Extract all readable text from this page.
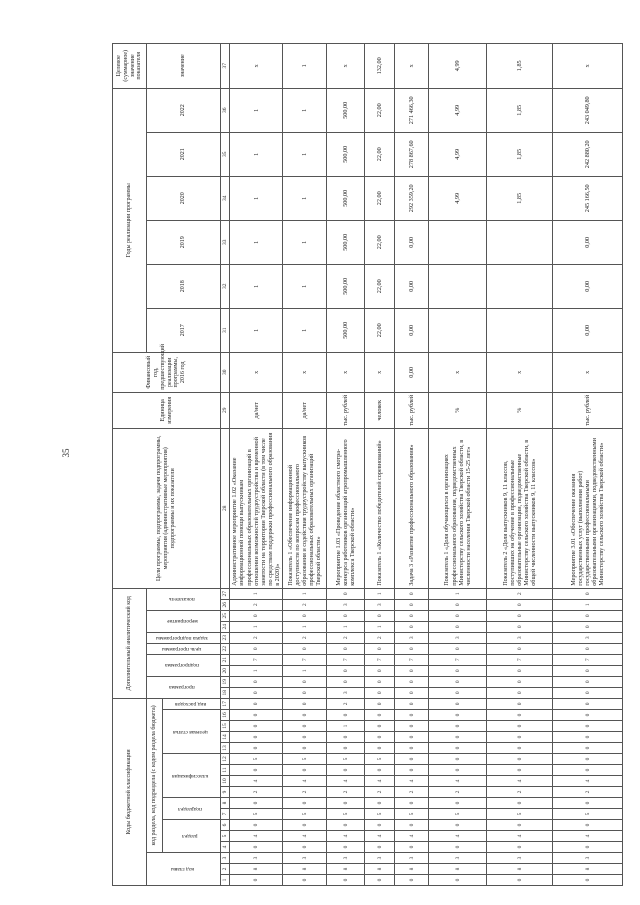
35
Коды бюджетной классификации																	Дополнительный аналитический код										Цели программы, подпрограммы, задачи подпрограммы, мероприятия (административные мероприятия) подпрограммы и их показатели	Единица измерения	Финансовый год, предшествующий реализации программы, 2016 год	Годы реализации программы						Целевое (суммарное) значение показателя
код главы			код раздела, код подраздела (с кодом раздела бюджета)														программа		подпрограмма		цель программы	задача подпрограммы	мероприятие		показатель					2017	2018	2019	2020	2021	2022	значение
			раздел			подраздел		классификация				целевая статья				вид расходов																				
1	2	3	4	5	6	7	8	9	10	11	12	13	14	15	16	17	18	19	20	21	22	23	24	25	26	27	28	29	30	31	32	33	34	35	36	37
0	8	3	0	4	0	5	0	2	4	0	5	0	0	0	0	0	0	0	1	7	0	2	1	0	2	1	Административное мероприятие 1.02 «Оказание информационной помощи выпускникам профессиональных образовательных организаций в отношении возможностей трудоустройства и временной занятости на территории Тверской области (в том числе по средствам поддержки профессионального образования в 2020)»	да/нет	х	1	1	1	1	1	1	х
0	8	3	0	4	0	5	0	2	4	0	5	0	0	0	0	0	0	0	1	7	0	2	1	0	2	1	Показатель 1 «Обеспечение информационной доступности по вопросам профессионального образования и содействия трудоустройству выпускников профессиональных образовательных организаций Тверской области»	да/нет	х	1	1	1	1	1	1	1
0	8	3	0	4	0	5	0	2	4	0	5	0	0	1	0	2	3	0	0	7	0	2	1	0	3	0	Мероприятие 1.03 «Проведение областного смотра-конкурса работников организаций агропромышленного комплекса Тверской области»	тыс. рублей	х	500,00	500,00	500,00	500,00	500,00	500,00	х
0	8	3	0	4	0	5	0	2	4	0	5	0	0	0	0	0	0	0	0	7	0	2	1	0	3	1	Показатель 1 «Количество победителей соревнований»	человек	х	22,00	22,00	22,00	22,00	22,00	22,00	132,00
0	8	3	0	4	0	5	0	2	4	0	0	0	0	0	0	0	0	0	0	7	0	3	0	0	0	0	Задача 3 «Развитие профессионального образования»	тыс. рублей	0,00	0,00	0,00	0,00	292 359,20	278 867,60	271 466,30	х
0	8	3	0	4	0	5	0	2	4	0	0	0	0	0	0	0	0	0	0	7	0	3	0	0	0	1	Показатель 1 «Доля обучающихся в организациях профессионального образования, подведомственных Министерству сельского хозяйства Тверской области, в численности населения Тверской области 15-25 лет»	%	х				4,99	4,99	4,99	4,99
0	8	3	0	4	0	5	0	2	4	0	0	0	0	0	0	0	0	0	0	7	0	3	0	0	0	2	Показатель 2 «Доля выпускников 9, 11 классов, поступивших на обучение в профессиональные образовательные организации, подведомственные Министерству сельского хозяйства Тверской области, в общей численности выпускников 9, 11 классов»	%	х				1,85	1,85	1,85	1,85
0	8	3	0	4	0	5	0	2	4	0	0	0	0	0	0	0	0	0	0	7	0	3	0	0	1	0	Мероприятие 3.01 «Обеспечение оказания государственных услуг (выполнения работ) государственными профессиональными образовательными организациями, подведомственными Министерству сельского хозяйства Тверской области»	тыс. рублей	х	0,00	0,00	0,00	245 166,50	242 880,20	243 049,80	х
